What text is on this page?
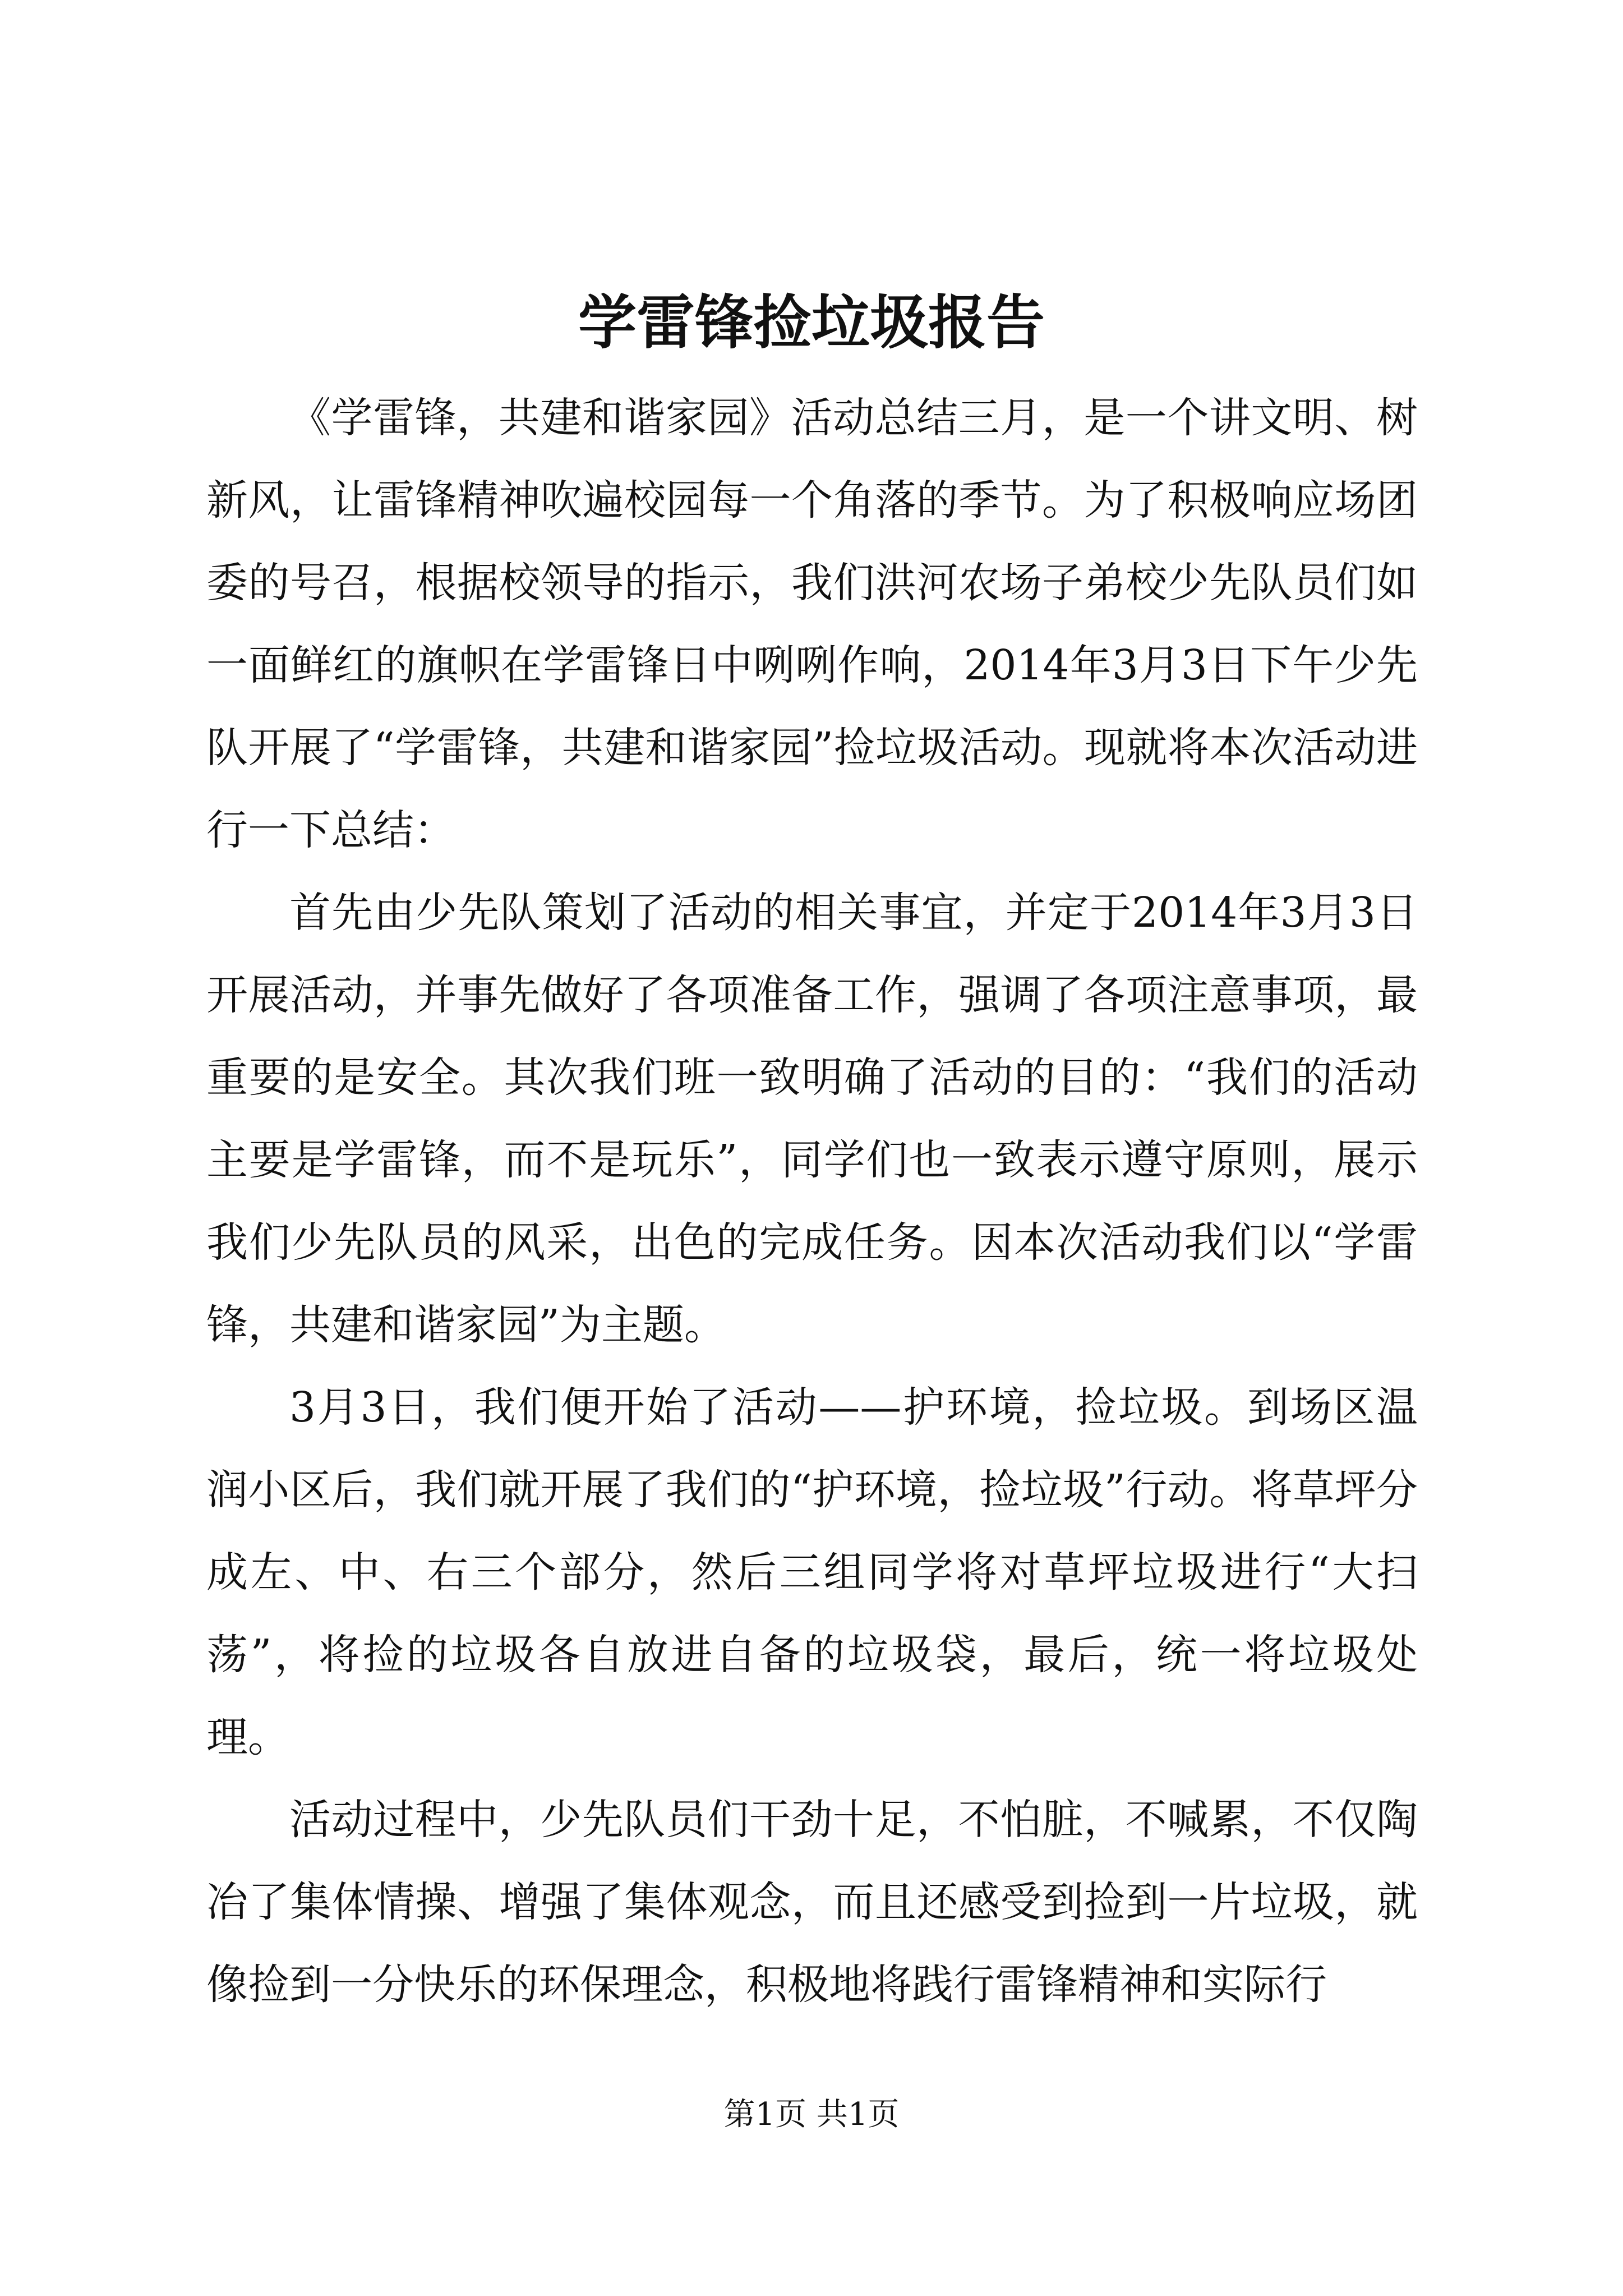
学雷锋捡垃圾报告

《学雷锋，共建和谐家园》活动总结三月，是一个讲文明、树新风，让雷锋精神吹遍校园每一个角落的季节。为了积极响应场团委的号召，根据校领导的指示，我们洪河农场子弟校少先队员们如一面鲜红的旗帜在学雷锋日中咧咧作响，2014年3月3日下午少先队开展了“学雷锋，共建和谐家园”捡垃圾活动。现就将本次活动进行一下总结：

首先由少先队策划了活动的相关事宜，并定于2014年3月3日开展活动，并事先做好了各项准备工作，强调了各项注意事项，最重要的是安全。其次我们班一致明确了活动的目的：“我们的活动主要是学雷锋，而不是玩乐”，同学们也一致表示遵守原则，展示我们少先队员的风采，出色的完成任务。因本次活动我们以“学雷锋，共建和谐家园”为主题。

3月3日，我们便开始了活动——护环境，捡垃圾。到场区温润小区后，我们就开展了我们的“护环境，捡垃圾”行动。将草坪分成左、中、右三个部分，然后三组同学将对草坪垃圾进行“大扫荡”，将捡的垃圾各自放进自备的垃圾袋，最后，统一将垃圾处理。

活动过程中，少先队员们干劲十足，不怕脏，不喊累，不仅陶冶了集体情操、增强了集体观念，而且还感受到捡到一片垃圾，就像捡到一分快乐的环保理念，积极地将践行雷锋精神和实际行

第1页 共1页
